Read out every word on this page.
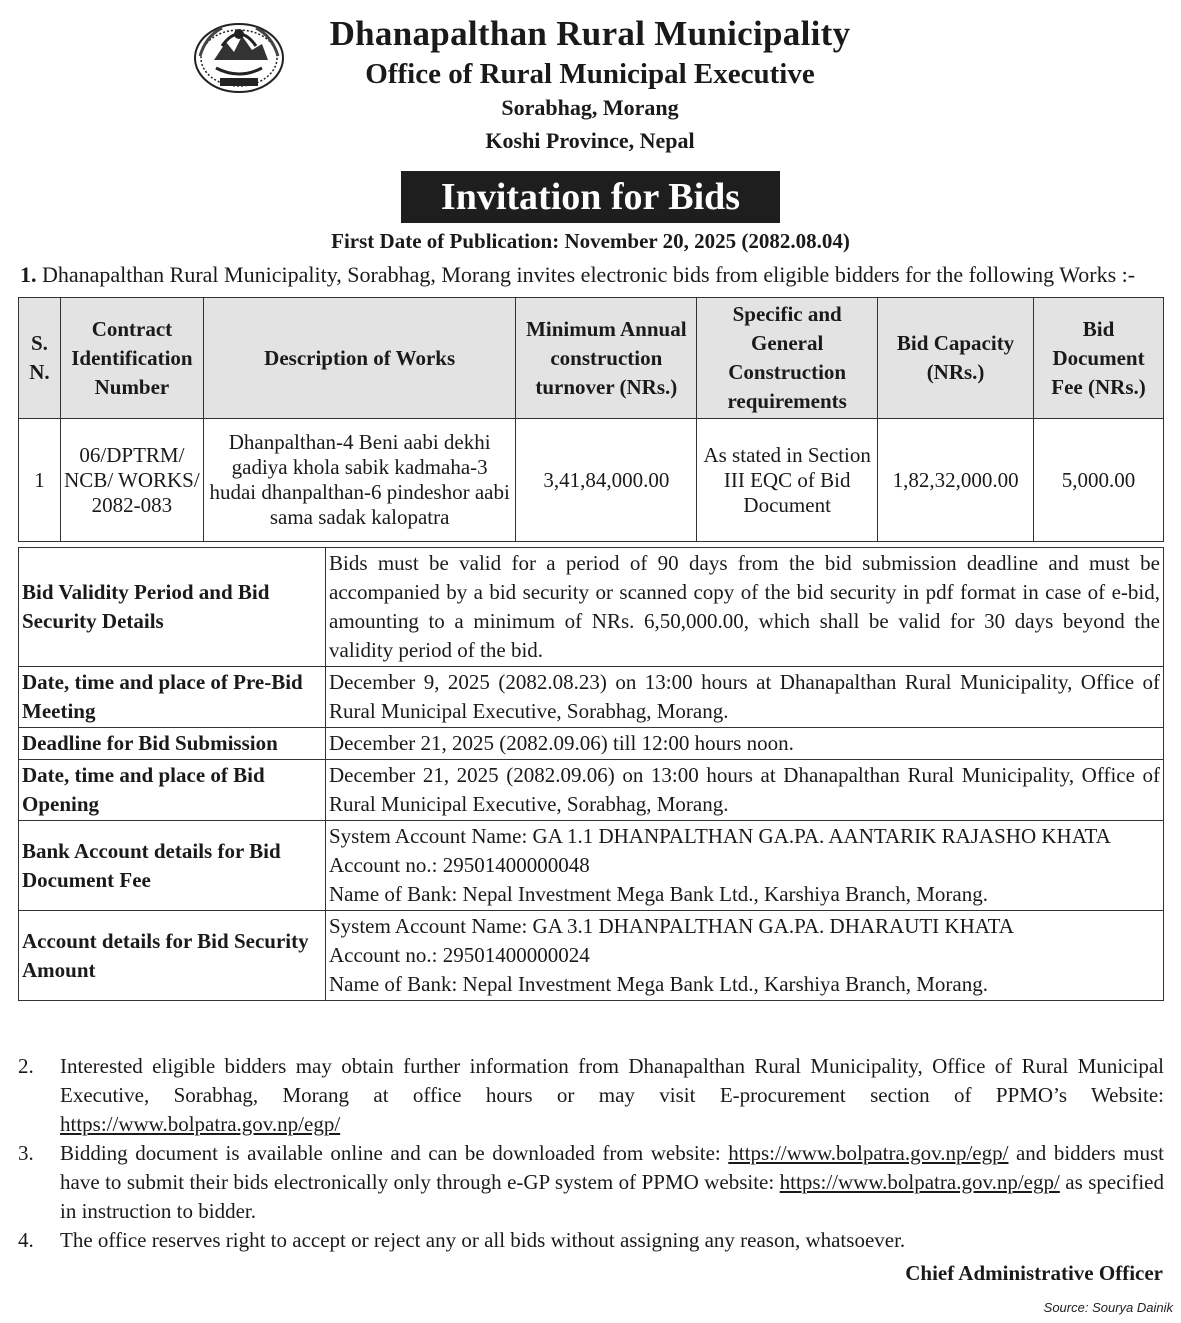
Dhanapalthan Rural Municipality
Office of Rural Municipal Executive
Sorabhag, Morang
Koshi Province, Nepal
Invitation for Bids
First Date of Publication: November 20, 2025 (2082.08.04)
1. Dhanapalthan Rural Municipality, Sorabhag, Morang invites electronic bids from eligible bidders for the following Works :-
S. N.	Contract Identification Number	Description of Works	Minimum Annual construction turnover (NRs.)	Specific and General Construction requirements	Bid Capacity (NRs.)	Bid Document Fee (NRs.)
1	06/DPTRM/ NCB/ WORKS/ 2082-083	Dhanpalthan-4 Beni aabi dekhi gadiya khola sabik kadmaha-3 hudai dhanpalthan-6 pindeshor aabi sama sadak kalopatra	3,41,84,000.00	As stated in Section III EQC of Bid Document	1,82,32,000.00	5,000.00
Bid Validity Period and Bid Security Details	Bids must be valid for a period of 90 days from the bid submission deadline and must be accompanied by a bid security or scanned copy of the bid security in pdf format in case of e-bid, amounting to a minimum of NRs. 6,50,000.00, which shall be valid for 30 days beyond the validity period of the bid.
Date, time and place of Pre-Bid Meeting	December 9, 2025 (2082.08.23) on 13:00 hours at Dhanapalthan Rural Municipality, Office of Rural Municipal Executive, Sorabhag, Morang.
Deadline for Bid Submission	December 21, 2025 (2082.09.06) till 12:00 hours noon.
Date, time and place of Bid Opening	December 21, 2025 (2082.09.06) on 13:00 hours at Dhanapalthan Rural Municipality, Office of Rural Municipal Executive, Sorabhag, Morang.
Bank Account details for Bid Document Fee	System Account Name: GA 1.1 DHANPALTHAN GA.PA. AANTARIK RAJASHO KHATA
Account no.: 29501400000048
Name of Bank: Nepal Investment Mega Bank Ltd., Karshiya Branch, Morang.

Account details for Bid Security Amount	System Account Name: GA 3.1 DHANPALTHAN GA.PA. DHARAUTI KHATA
Account no.: 29501400000024
Name of Bank: Nepal Investment Mega Bank Ltd., Karshiya Branch, Morang.
2.	Interested eligible bidders may obtain further information from Dhanapalthan Rural Municipality, Office of Rural Municipal Executive, Sorabhag, Morang at office hours or may visit E-procurement section of PPMO’s Website: https://www.bolpatra.gov.np/egp/
3.	Bidding document is available online and can be downloaded from website: https://www.bolpatra.gov.np/egp/ and bidders must have to submit their bids electronically only through e-GP system of PPMO website: https://www.bolpatra.gov.np/egp/ as specified in instruction to bidder.
4.	The office reserves right to accept or reject any or all bids without assigning any reason, whatsoever.
Chief Administrative Officer
Source: Sourya Dainik
